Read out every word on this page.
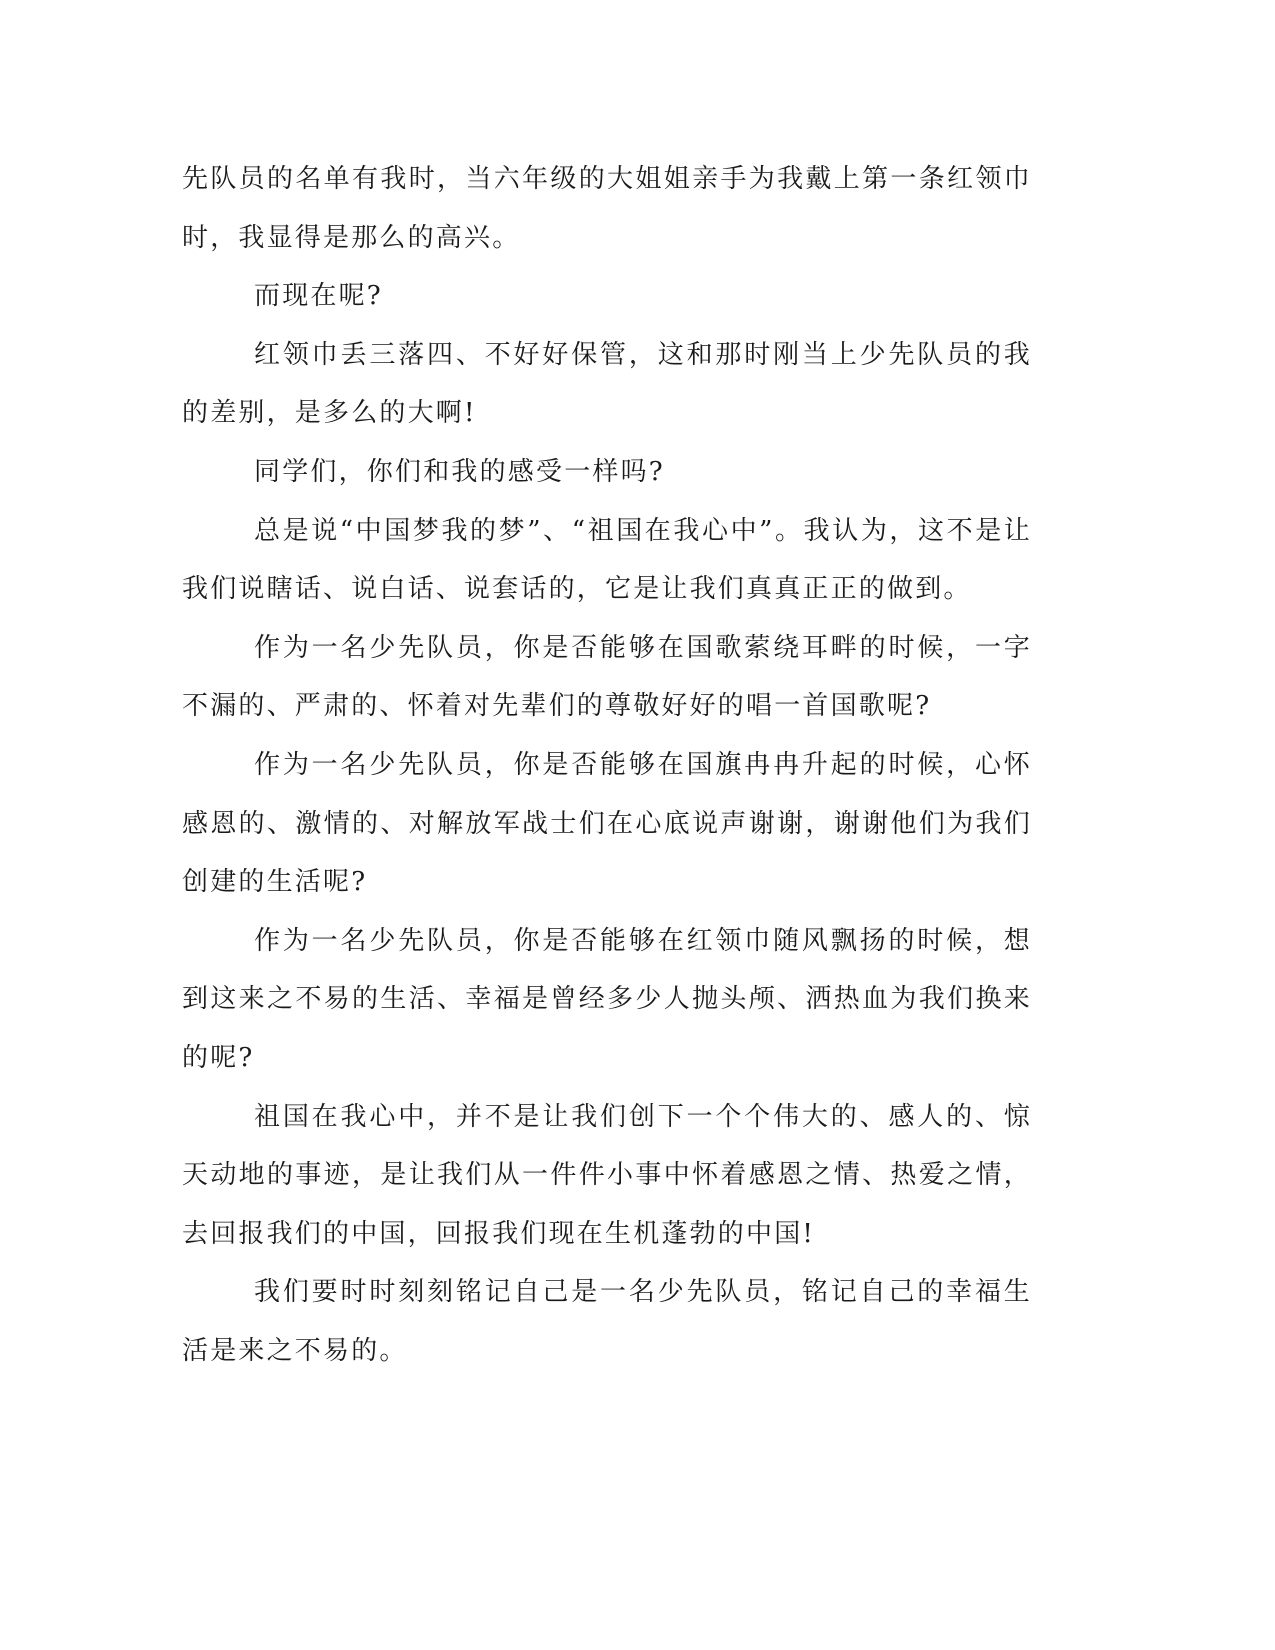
先队员的名单有我时，当六年级的大姐姐亲手为我戴上第一条红领巾时，我显得是那么的高兴。

而现在呢?

红领巾丢三落四、不好好保管，这和那时刚当上少先队员的我的差别，是多么的大啊!

同学们，你们和我的感受一样吗?

总是说“中国梦我的梦”、“祖国在我心中”。我认为，这不是让我们说瞎话、说白话、说套话的，它是让我们真真正正的做到。

作为一名少先队员，你是否能够在国歌萦绕耳畔的时候，一字不漏的、严肃的、怀着对先辈们的尊敬好好的唱一首国歌呢?

作为一名少先队员，你是否能够在国旗冉冉升起的时候，心怀感恩的、激情的、对解放军战士们在心底说声谢谢，谢谢他们为我们创建的生活呢?

作为一名少先队员，你是否能够在红领巾随风飘扬的时候，想到这来之不易的生活、幸福是曾经多少人抛头颅、洒热血为我们换来的呢?

祖国在我心中，并不是让我们创下一个个伟大的、感人的、惊天动地的事迹，是让我们从一件件小事中怀着感恩之情、热爱之情，去回报我们的中国，回报我们现在生机蓬勃的中国!

我们要时时刻刻铭记自己是一名少先队员，铭记自己的幸福生活是来之不易的。
